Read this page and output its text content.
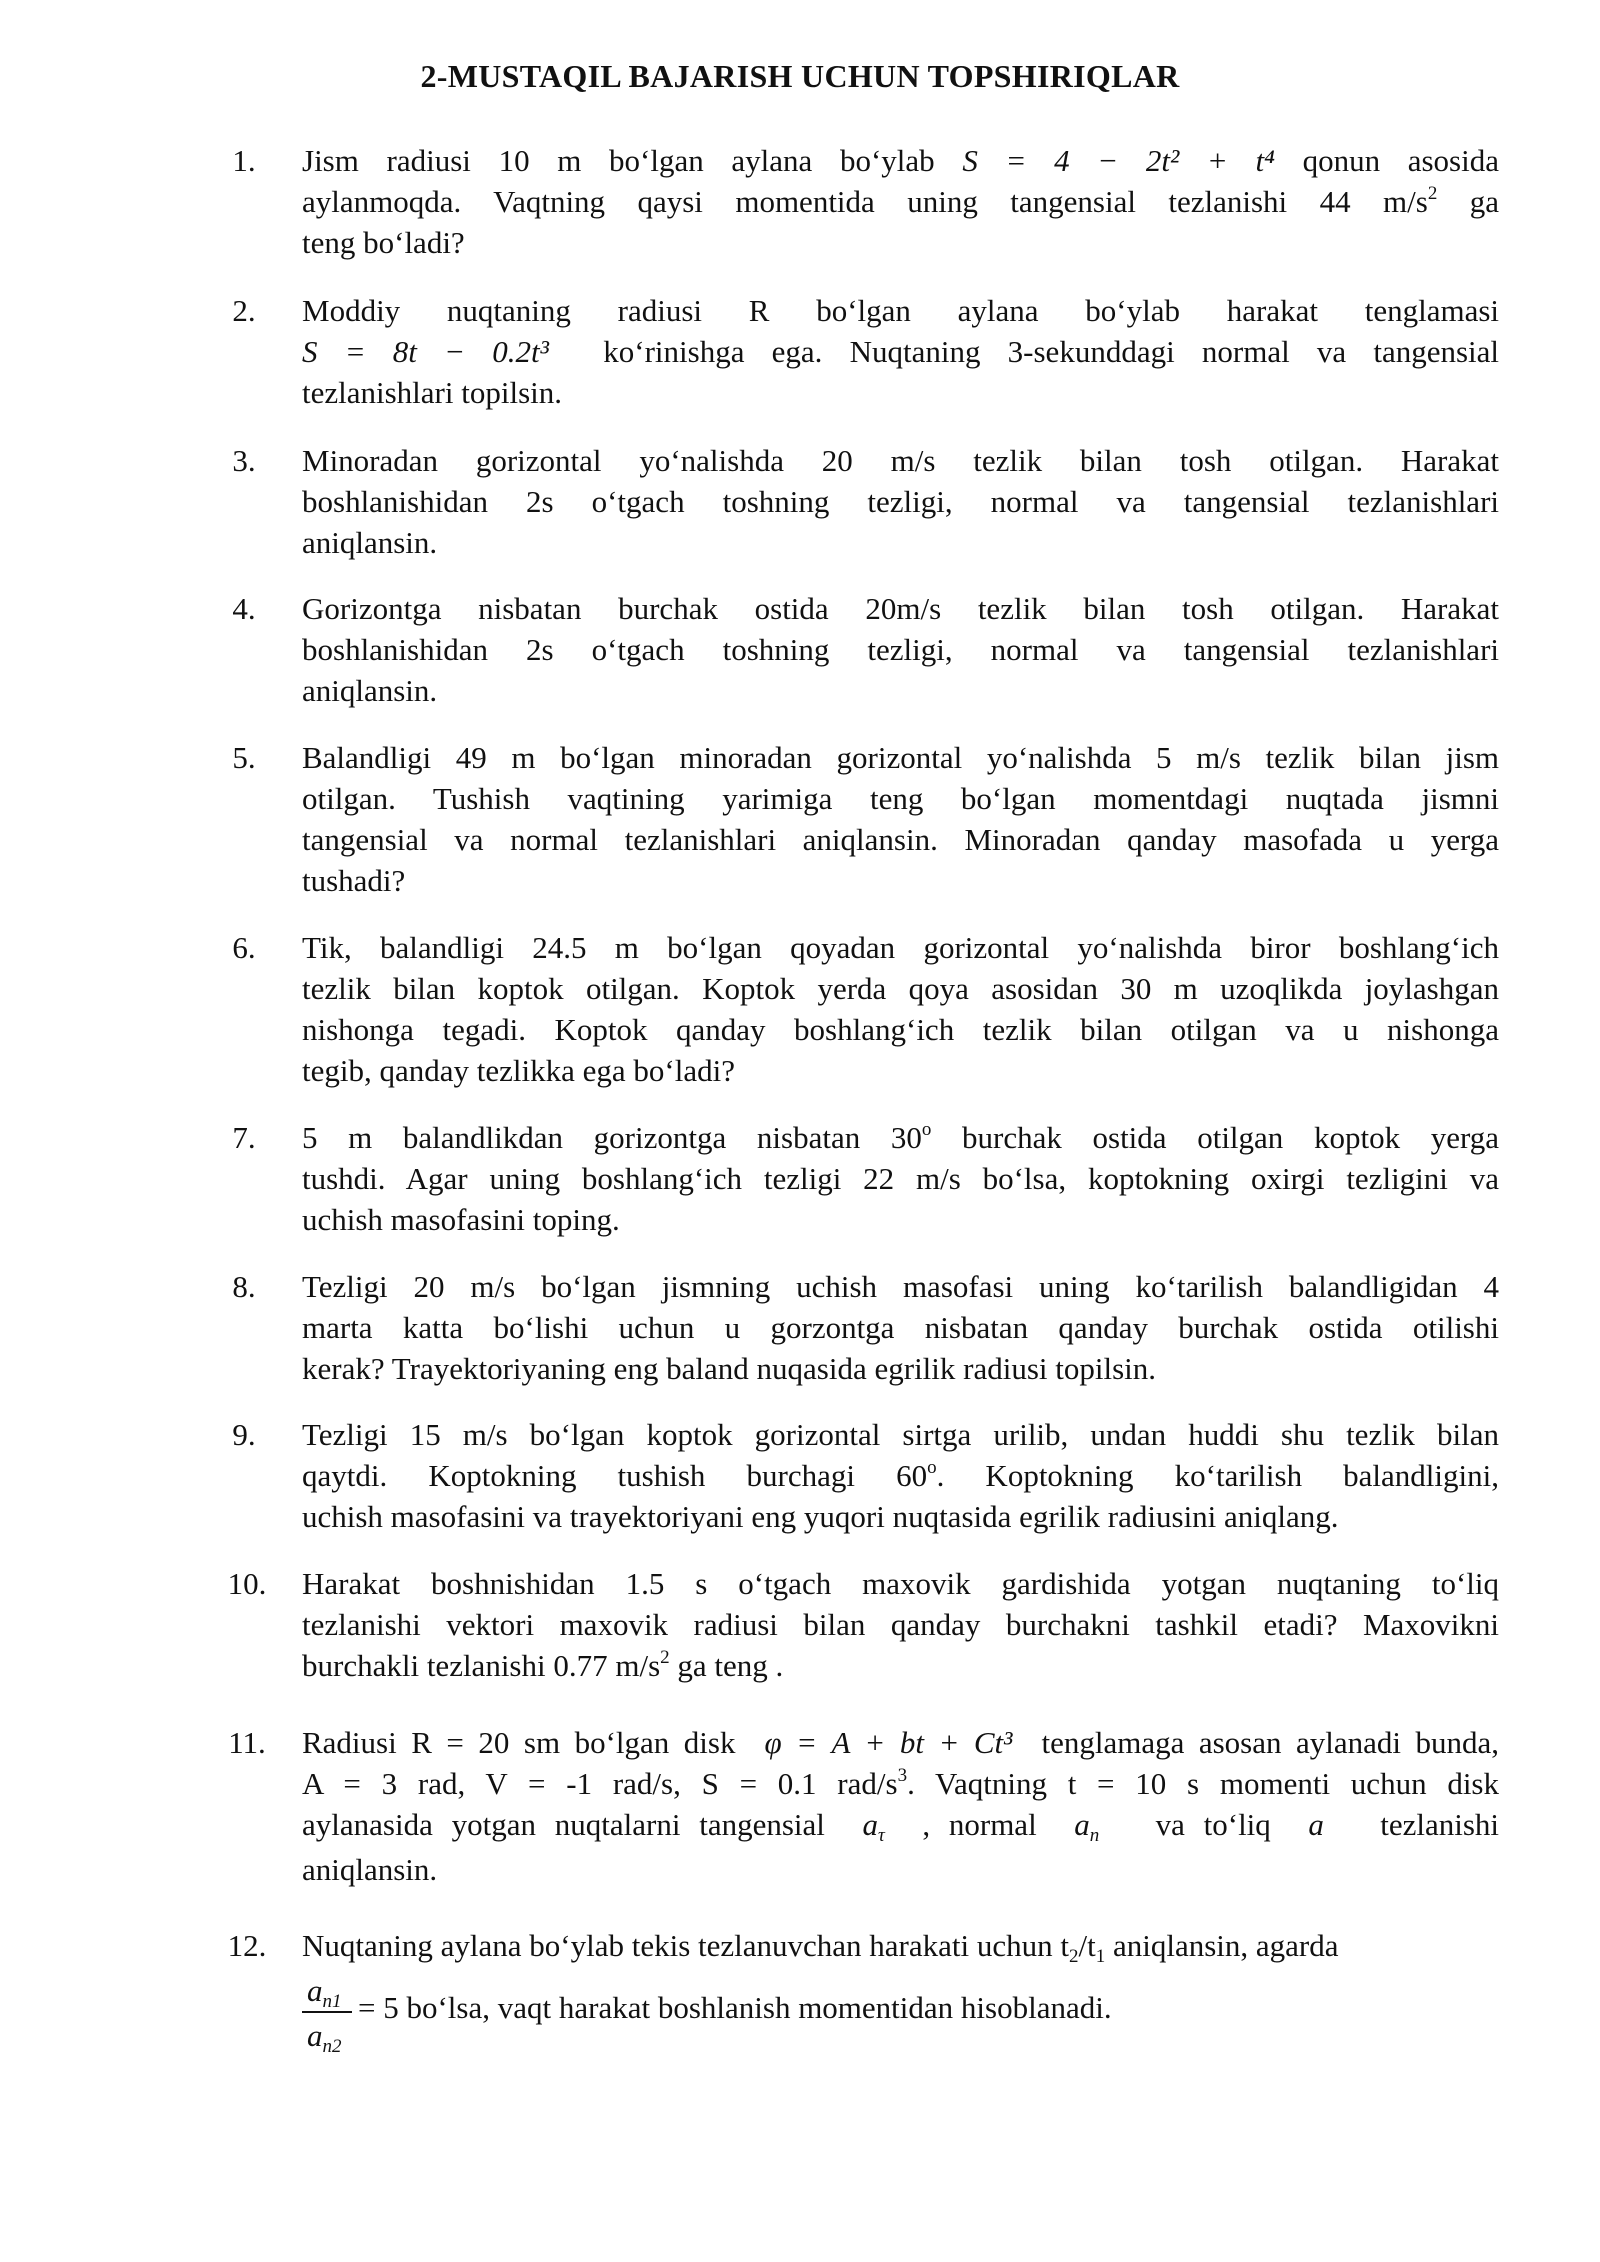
2-MUSTAQIL BAJARISH UCHUN TOPSHIRIQLAR
1. Jism radiusi 10 m bo‘lgan aylana bo‘ylab S = 4 − 2t² + t⁴ qonun asosida
aylanmoqda. Vaqtning qaysi momentida uning tangensial tezlanishi 44 $m/s^2$ ga
teng bo‘ladi?
2. Moddiy nuqtaning radiusi R bo‘lgan aylana bo‘ylab harakat tenglamasi
S = 8t − 0.2t³ ko‘rinishga ega. Nuqtaning 3-sekunddagi normal va tangensial
tezlanishlari topilsin.
3. Minoradan gorizontal yo‘nalishda 20 m/s tezlik bilan tosh otilgan. Harakat
boshlanishidan 2s o‘tgach toshning tezligi, normal va tangensial tezlanishlari
aniqlansin.
4. Gorizontga nisbatan burchak ostida 20m/s tezlik bilan tosh otilgan. Harakat
boshlanishidan 2s o‘tgach toshning tezligi, normal va tangensial tezlanishlari
aniqlansin.
5. Balandligi 49 m bo‘lgan minoradan gorizontal yo‘nalishda 5 m/s tezlik bilan jism
otilgan. Tushish vaqtining yarimiga teng bo‘lgan momentdagi nuqtada jismni
tangensial va normal tezlanishlari aniqlansin. Minoradan qanday masofada u yerga
tushadi?
6. Tik, balandligi 24.5 m bo‘lgan qoyadan gorizontal yo‘nalishda biror boshlang‘ich
tezlik bilan koptok otilgan. Koptok yerda qoya asosidan 30 m uzoqlikda joylashgan
nishonga tegadi. Koptok qanday boshlang‘ich tezlik bilan otilgan va u nishonga
tegib, qanday tezlikka ega bo‘ladi?
7. 5 m balandlikdan gorizontga nisbatan 30$^o$ burchak ostida otilgan koptok yerga
tushdi. Agar uning boshlang‘ich tezligi 22 m/s bo‘lsa, koptokning oxirgi tezligini va
uchish masofasini toping.
8. Tezligi 20 m/s bo‘lgan jismning uchish masofasi uning ko‘tarilish balandligidan 4
marta katta bo‘lishi uchun u gorzontga nisbatan qanday burchak ostida otilishi
kerak? Trayektoriyaning eng baland nuqasida egrilik radiusi topilsin.
9. Tezligi 15 m/s bo‘lgan koptok gorizontal sirtga urilib, undan huddi shu tezlik bilan
qaytdi. Koptokning tushish burchagi 60$^o$. Koptokning ko‘tarilish balandligini,
uchish masofasini va trayektoriyani eng yuqori nuqtasida egrilik radiusini aniqlang.
10. Harakat boshnishidan 1.5 s o‘tgach maxovik gardishida yotgan nuqtaning to‘liq
tezlanishi vektori maxovik radiusi bilan qanday burchakni tashkil etadi? Maxovikni
burchakli tezlanishi 0.77 $m/s^2$ ga teng .
11. Radiusi R = 20 sm bo‘lgan disk φ = A + bt + Ct³ tenglamaga asosan aylanadi bunda,
A = 3 rad, V = -1 rad/s, S = 0.1 rad/$s^3$. Vaqtning t = 10 s momenti uchun disk
aylanasida yotgan nuqtalarni tangensial $a_\tau$ , normal $a_n$ va to‘liq a tezlanishi
aniqlansin.
12. Nuqtaning aylana bo‘ylab tekis tezlanuvchan harakati uchun $t_2/t_1$ aniqlansin, agarda
$\frac{a_{n1}}{a_{n2}} = 5$ bo‘lsa, vaqt harakat boshlanish momentidan hisoblanadi.
